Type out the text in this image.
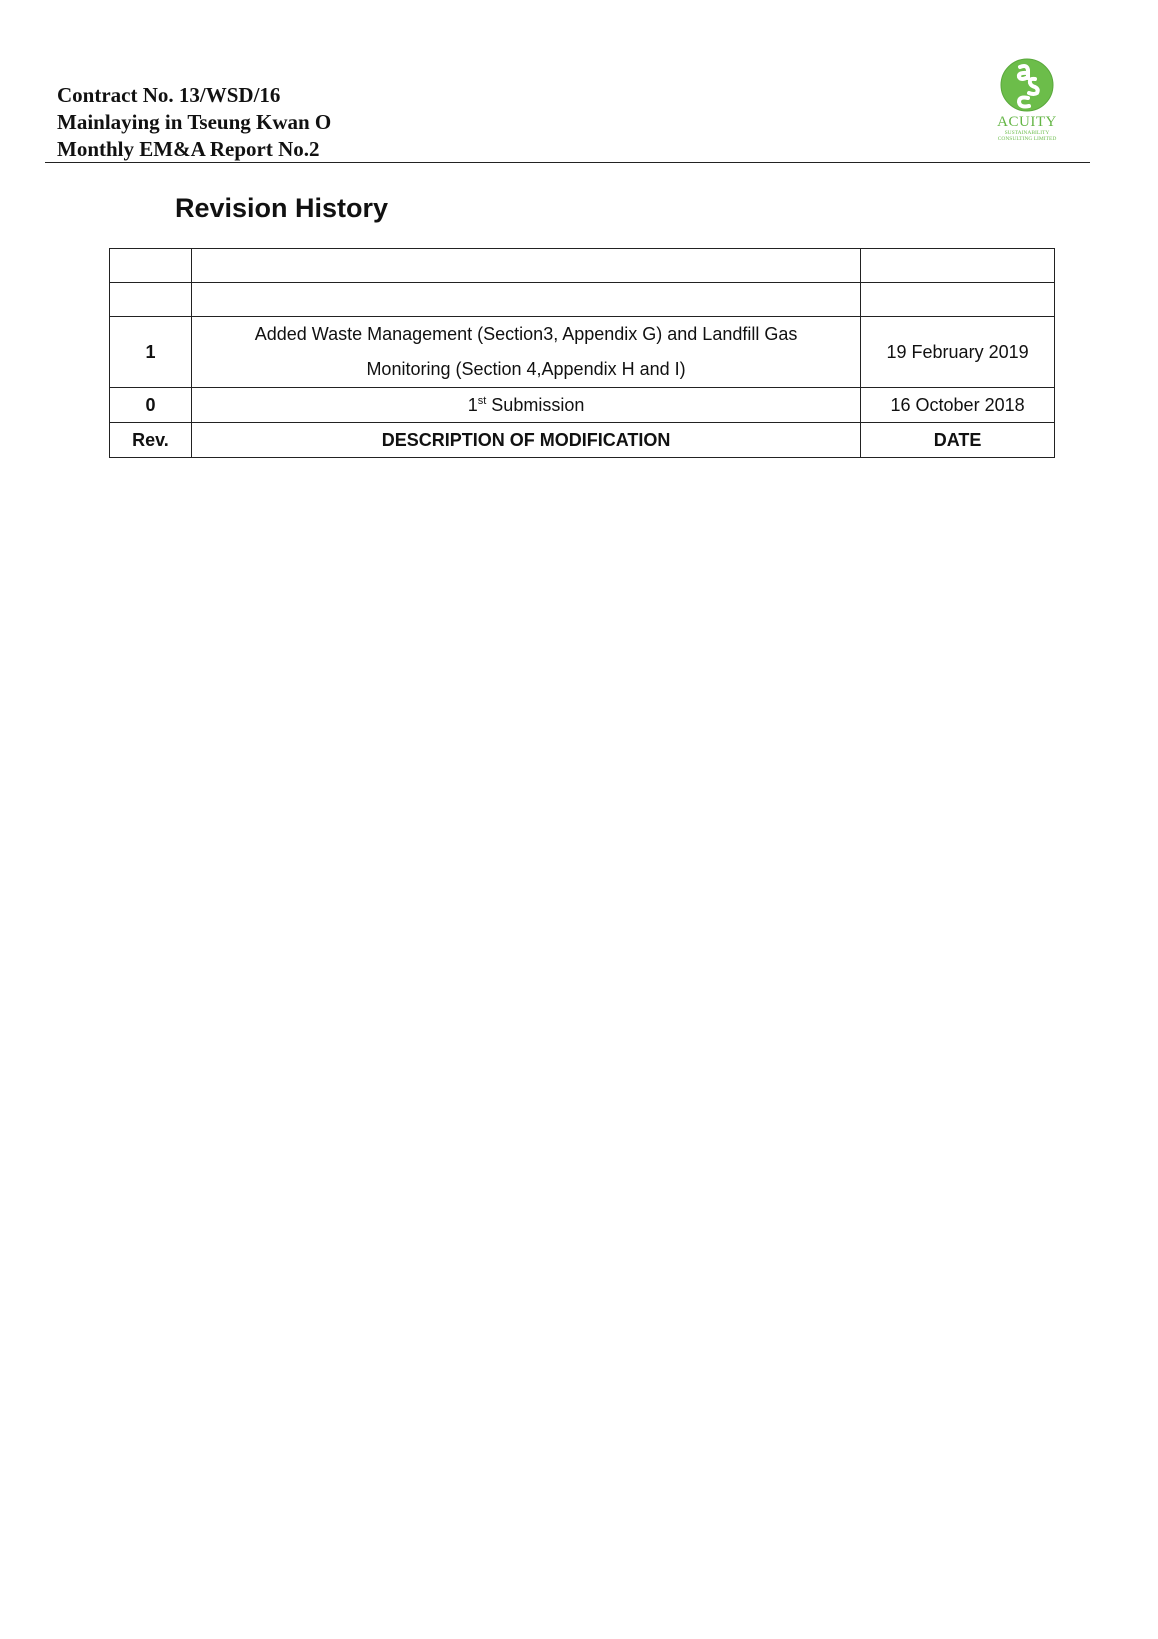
Contract No. 13/WSD/16
Mainlaying in Tseung Kwan O
Monthly EM&A Report No.2
ACUITY
SUSTAINABILITY
CONSULTING LIMITED
Revision History

1	Added Waste Management (Section3, Appendix G) and Landfill Gas
Monitoring (Section 4,Appendix H and I)	19 February 2019
0	1st Submission	16 October 2018
Rev.	DESCRIPTION OF MODIFICATION	DATE
